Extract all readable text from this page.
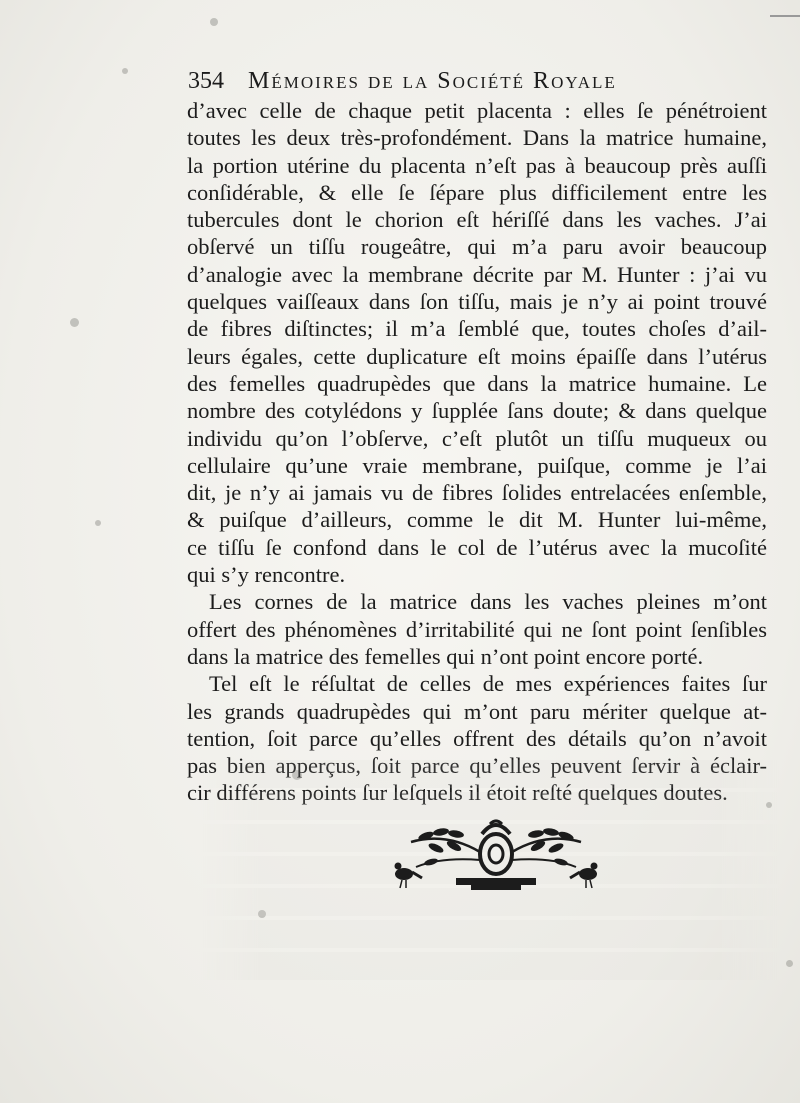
354 Mémoires de la Société Royale
d’avec celle de chaque petit placenta : elles ſe pénétroient
toutes les deux très-profondément. Dans la matrice humaine,
la portion utérine du placenta n’eſt pas à beaucoup près auſſi
conſidérable, & elle ſe ſépare plus difficilement entre les
tubercules dont le chorion eſt hériſſé dans les vaches. J’ai
obſervé un tiſſu rougeâtre, qui m’a paru avoir beaucoup
d’analogie avec la membrane décrite par M. Hunter : j’ai vu
quelques vaiſſeaux dans ſon tiſſu, mais je n’y ai point trouvé
de fibres diſtinctes; il m’a ſemblé que, toutes choſes d’ail-
leurs égales, cette duplicature eſt moins épaiſſe dans l’utérus
des femelles quadrupèdes que dans la matrice humaine. Le
nombre des cotylédons y ſupplée ſans doute; & dans quelque
individu qu’on l’obſerve, c’eſt plutôt un tiſſu muqueux ou
cellulaire qu’une vraie membrane, puiſque, comme je l’ai
dit, je n’y ai jamais vu de fibres ſolides entrelacées enſemble,
& puiſque d’ailleurs, comme le dit M. Hunter lui-même,
ce tiſſu ſe confond dans le col de l’utérus avec la mucoſité
qui s’y rencontre.
Les cornes de la matrice dans les vaches pleines m’ont
offert des phénomènes d’irritabilité qui ne ſont point ſenſibles
dans la matrice des femelles qui n’ont point encore porté.
Tel eſt le réſultat de celles de mes expériences faites ſur
les grands quadrupèdes qui m’ont paru mériter quelque at-
tention, ſoit parce qu’elles offrent des détails qu’on n’avoit
pas bien apperçus, ſoit parce qu’elles peuvent ſervir à éclair-
cir différens points ſur leſquels il étoit reſté quelques doutes.
